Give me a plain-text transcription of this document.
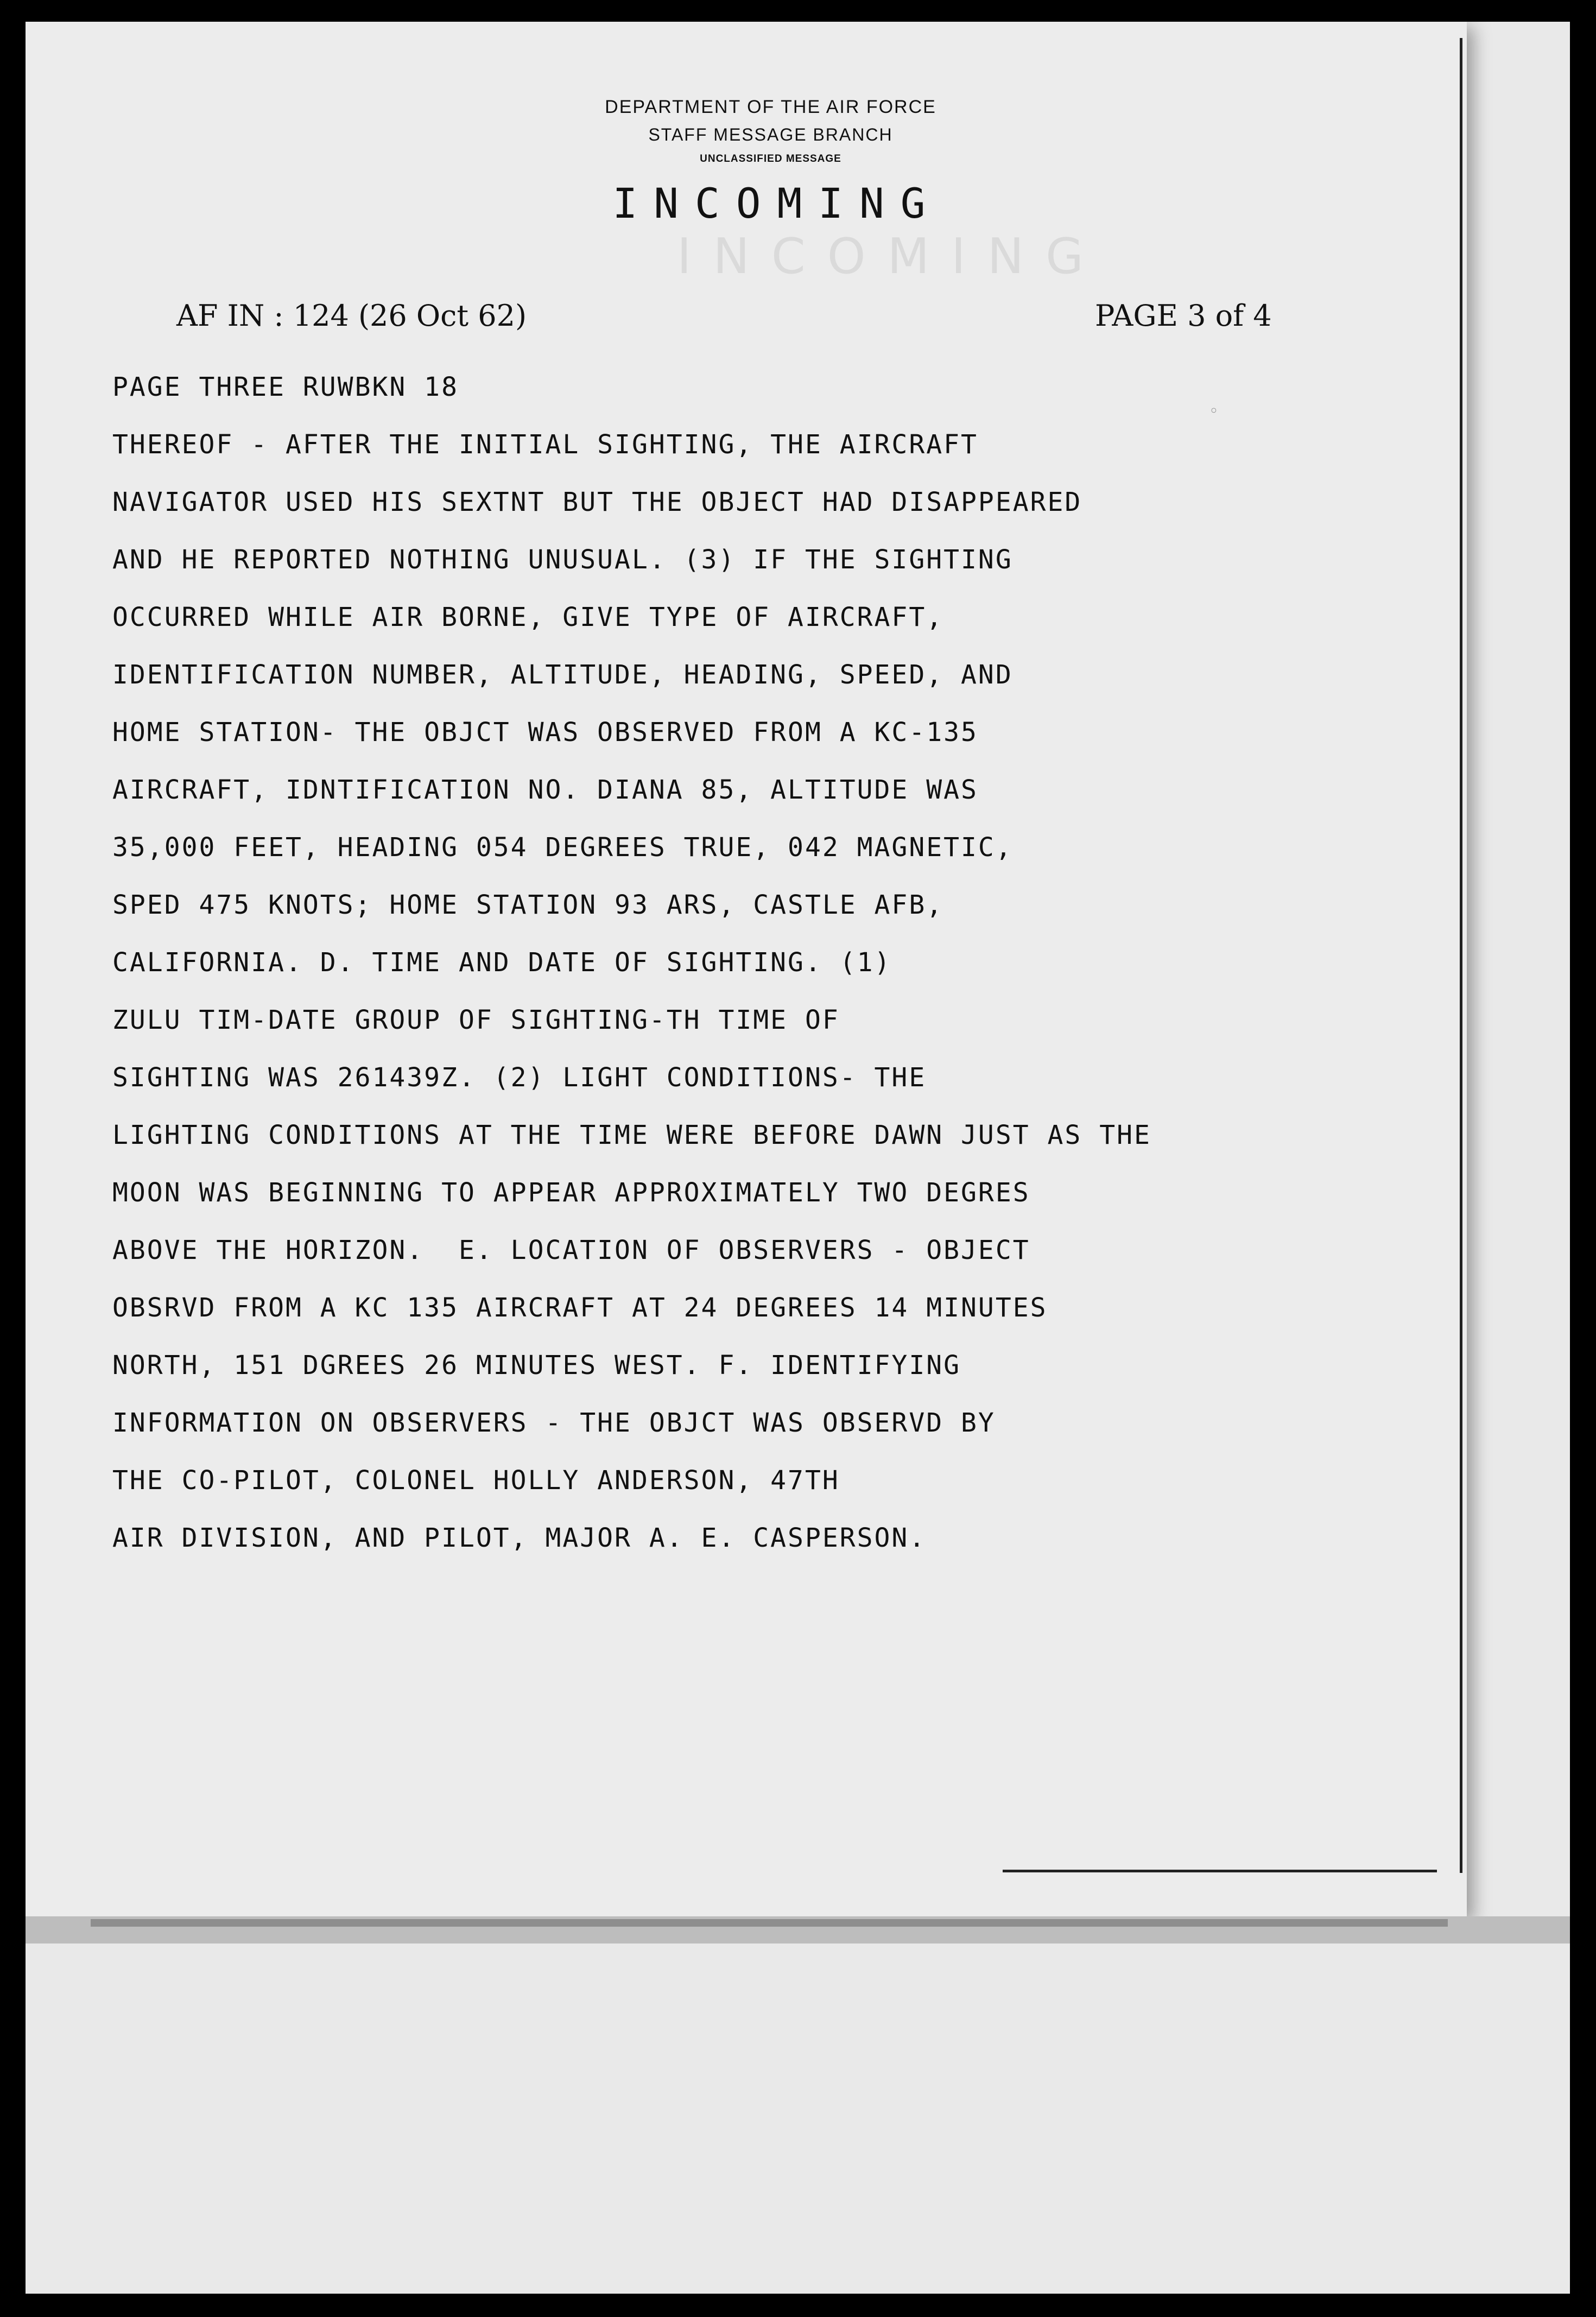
INCOMING
DEPARTMENT OF THE AIR FORCE
STAFF MESSAGE BRANCH
UNCLASSIFIED MESSAGE
INCOMING
AF IN : 124 (26 Oct 62)	PAGE 3 of 4
PAGE THREE RUWBKN 18
THEREOF - AFTER THE INITIAL SIGHTING, THE AIRCRAFT
NAVIGATOR USED HIS SEXTNT BUT THE OBJECT HAD DISAPPEARED
AND HE REPORTED NOTHING UNUSUAL. (3) IF THE SIGHTING
OCCURRED WHILE AIR BORNE, GIVE TYPE OF AIRCRAFT,
IDENTIFICATION NUMBER, ALTITUDE, HEADING, SPEED, AND
HOME STATION- THE OBJCT WAS OBSERVED FROM A KC-135
AIRCRAFT, IDNTIFICATION NO. DIANA 85, ALTITUDE WAS
35,000 FEET, HEADING 054 DEGREES TRUE, 042 MAGNETIC,
SPED 475 KNOTS; HOME STATION 93 ARS, CASTLE AFB,
CALIFORNIA. D. TIME AND DATE OF SIGHTING. (1)
ZULU TIM-DATE GROUP OF SIGHTING-TH TIME OF
SIGHTING WAS 261439Z. (2) LIGHT CONDITIONS- THE
LIGHTING CONDITIONS AT THE TIME WERE BEFORE DAWN JUST AS THE
MOON WAS BEGINNING TO APPEAR APPROXIMATELY TWO DEGRES
ABOVE THE HORIZON.  E. LOCATION OF OBSERVERS - OBJECT
OBSRVD FROM A KC 135 AIRCRAFT AT 24 DEGREES 14 MINUTES
NORTH, 151 DGREES 26 MINUTES WEST. F. IDENTIFYING
INFORMATION ON OBSERVERS - THE OBJCT WAS OBSERVD BY
THE CO-PILOT, COLONEL HOLLY ANDERSON, 47TH
AIR DIVISION, AND PILOT, MAJOR A. E. CASPERSON.
◦
